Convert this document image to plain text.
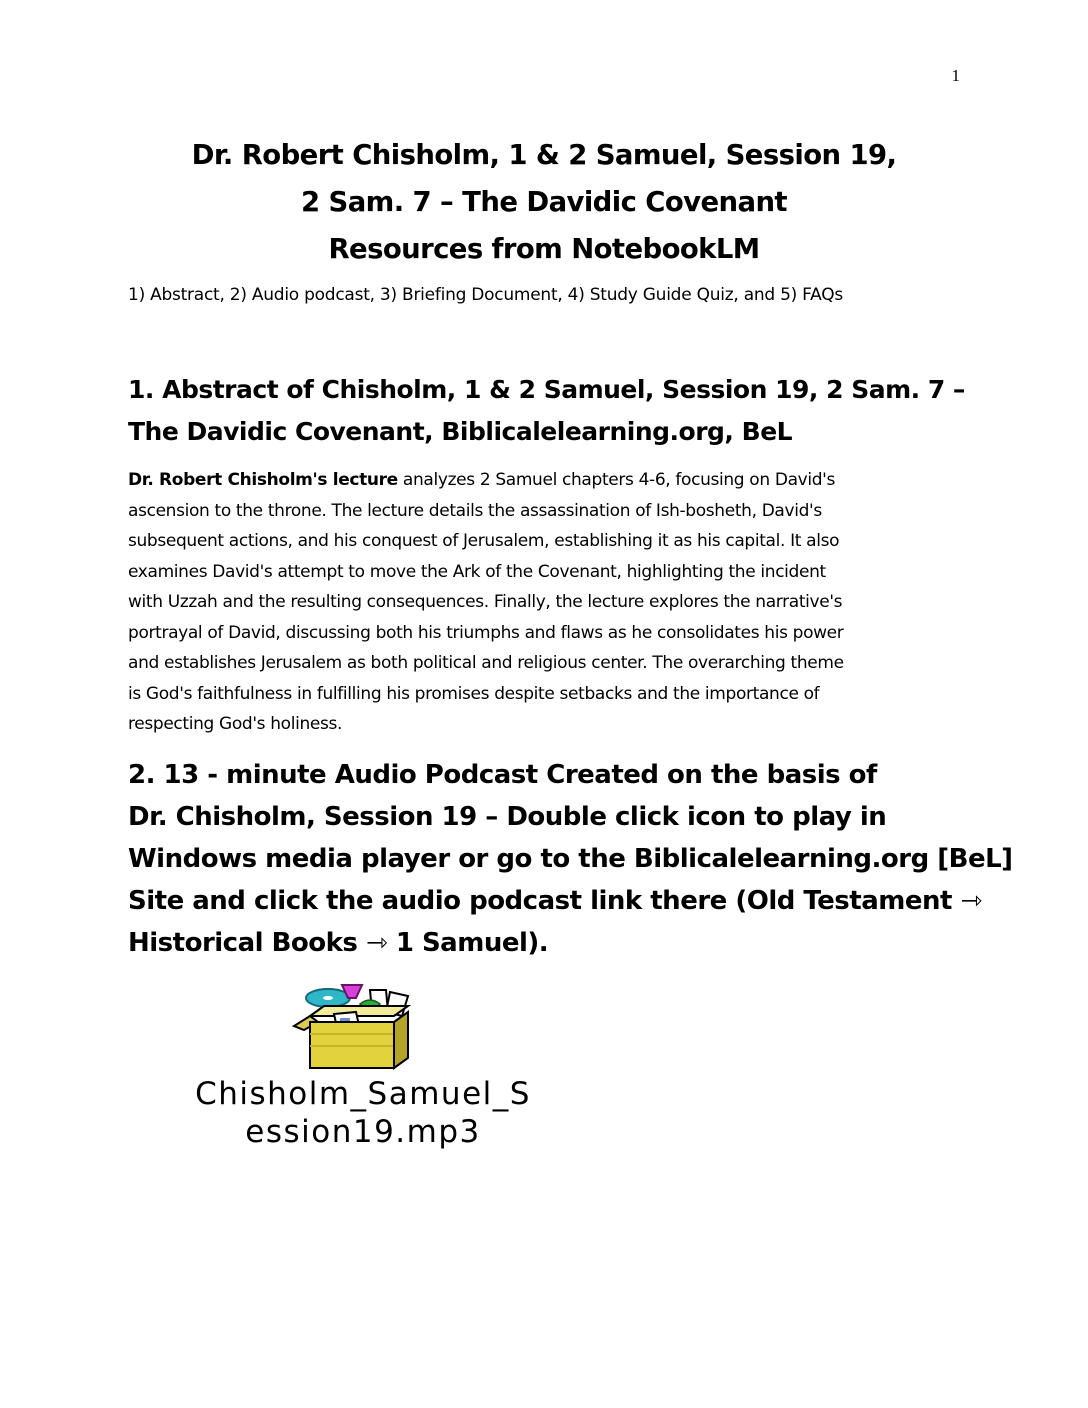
1
Dr. Robert Chisholm, 1 & 2 Samuel, Session 19,
2 Sam. 7 – The Davidic Covenant
Resources from NotebookLM
1) Abstract, 2) Audio podcast, 3) Briefing Document, 4) Study Guide Quiz, and 5) FAQs
1. Abstract of Chisholm, 1 & 2 Samuel, Session 19, 2 Sam. 7 –
The Davidic Covenant, Biblicalelearning.org, BeL
Dr. Robert Chisholm's lecture analyzes 2 Samuel chapters 4-6, focusing on David's
ascension to the throne. The lecture details the assassination of Ish-bosheth, David's
subsequent actions, and his conquest of Jerusalem, establishing it as his capital. It also
examines David's attempt to move the Ark of the Covenant, highlighting the incident
with Uzzah and the resulting consequences. Finally, the lecture explores the narrative's
portrayal of David, discussing both his triumphs and flaws as he consolidates his power
and establishes Jerusalem as both political and religious center. The overarching theme
is God's faithfulness in fulfilling his promises despite setbacks and the importance of
respecting God's holiness.
2. 13 - minute Audio Podcast Created on the basis of
Dr. Chisholm, Session 19 – Double click icon to play in
Windows media player or go to the Biblicalelearning.org [BeL]
Site and click the audio podcast link there (Old Testament ⇾
Historical Books ⇾ 1 Samuel).
Chisholm_Samuel_S
ession19.mp3
